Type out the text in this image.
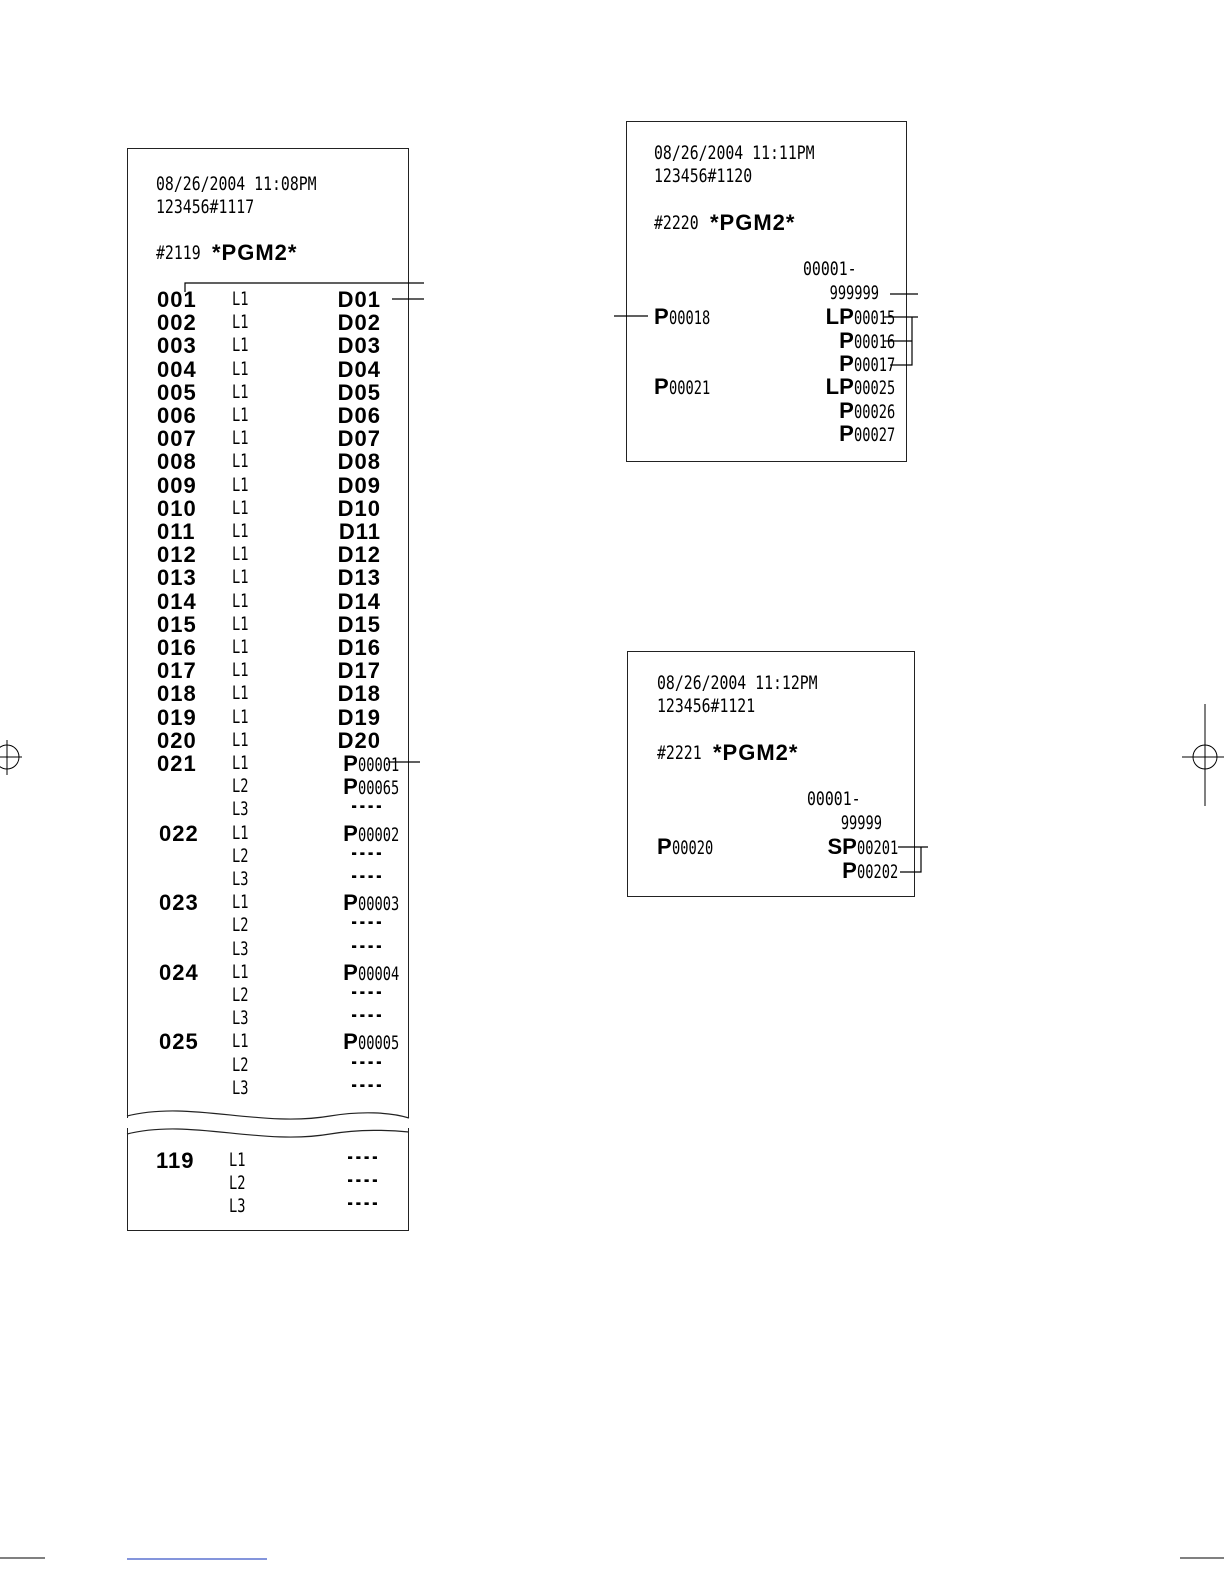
08/26/2004 11:08PM
123456#1117
#2119 *PGM2*
001 L1	D01
002 L1	D02
003 L1	D03
004 L1	D04
005 L1	D05
006 L1	D06
007 L1	D07
008 L1	D08
009 L1	D09
010 L1	D10
011 L1	D11
012 L1	D12
013 L1	D13
014 L1	D14
015 L1	D15
016 L1	D16
017 L1	D17
018 L1	D18
019 L1	D19
020 L1	D20
021 L1	P00001
L2	P00065
L3	----
022 L1	P00002
L2	----
L3	----
023 L1	P00003
L2	----
L3	----
024 L1	P00004
L2	----
L3	----
025 L1	P00005
L2	----
L3	----
119 L1	----
L2	----
L3	----
08/26/2004 11:11PM
123456#1120
#2220 *PGM2*
00001-
999999
P00018	LP00015
P00016
P00017
P00021	LP00025
P00026
P00027
08/26/2004 11:12PM
123456#1121
#2221 *PGM2*
00001-
99999
P00020	SP00201
P00202
